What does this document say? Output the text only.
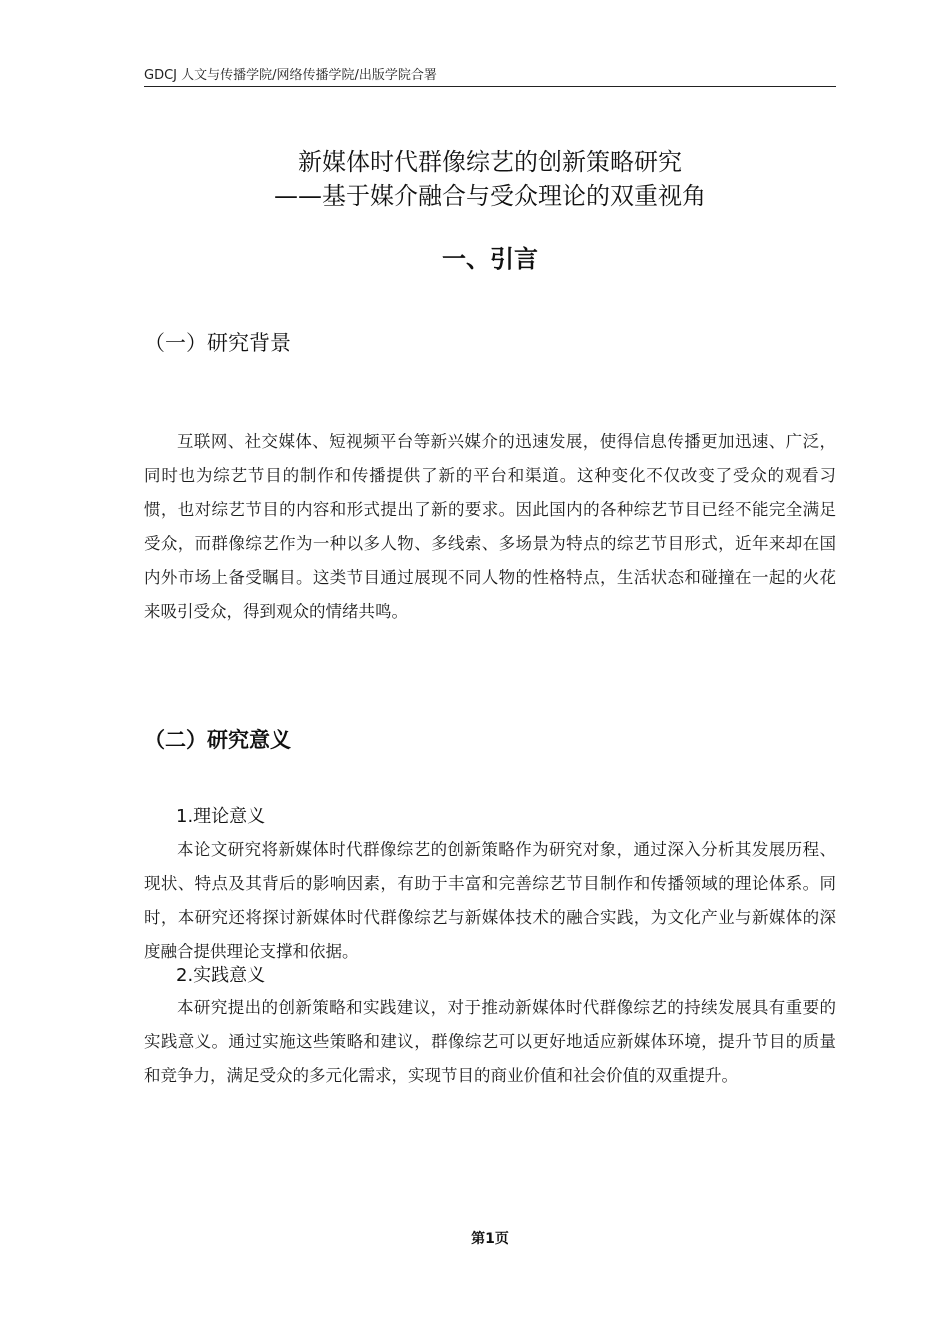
GDCJ 人文与传播学院/网络传播学院/出版学院合署
新媒体时代群像综艺的创新策略研究
——基于媒介融合与受众理论的双重视角
一、引言
（一）研究背景

互联网、社交媒体、短视频平台等新兴媒介的迅速发展，使得信息传播更加迅速、广泛，同时也为综艺节目的制作和传播提供了新的平台和渠道。这种变化不仅改变了受众的观看习惯，也对综艺节目的内容和形式提出了新的要求。因此国内的各种综艺节目已经不能完全满足受众，而群像综艺作为一种以多人物、多线索、多场景为特点的综艺节目形式，近年来却在国内外市场上备受瞩目。这类节目通过展现不同人物的性格特点，生活状态和碰撞在一起的火花来吸引受众，得到观众的情绪共鸣。

（二）研究意义
1.理论意义

本论文研究将新媒体时代群像综艺的创新策略作为研究对象，通过深入分析其发展历程、现状、特点及其背后的影响因素，有助于丰富和完善综艺节目制作和传播领域的理论体系。同时，本研究还将探讨新媒体时代群像综艺与新媒体技术的融合实践，为文化产业与新媒体的深度融合提供理论支撑和依据。

2.实践意义

本研究提出的创新策略和实践建议，对于推动新媒体时代群像综艺的持续发展具有重要的实践意义。通过实施这些策略和建议，群像综艺可以更好地适应新媒体环境，提升节目的质量和竞争力，满足受众的多元化需求，实现节目的商业价值和社会价值的双重提升。

第1页
